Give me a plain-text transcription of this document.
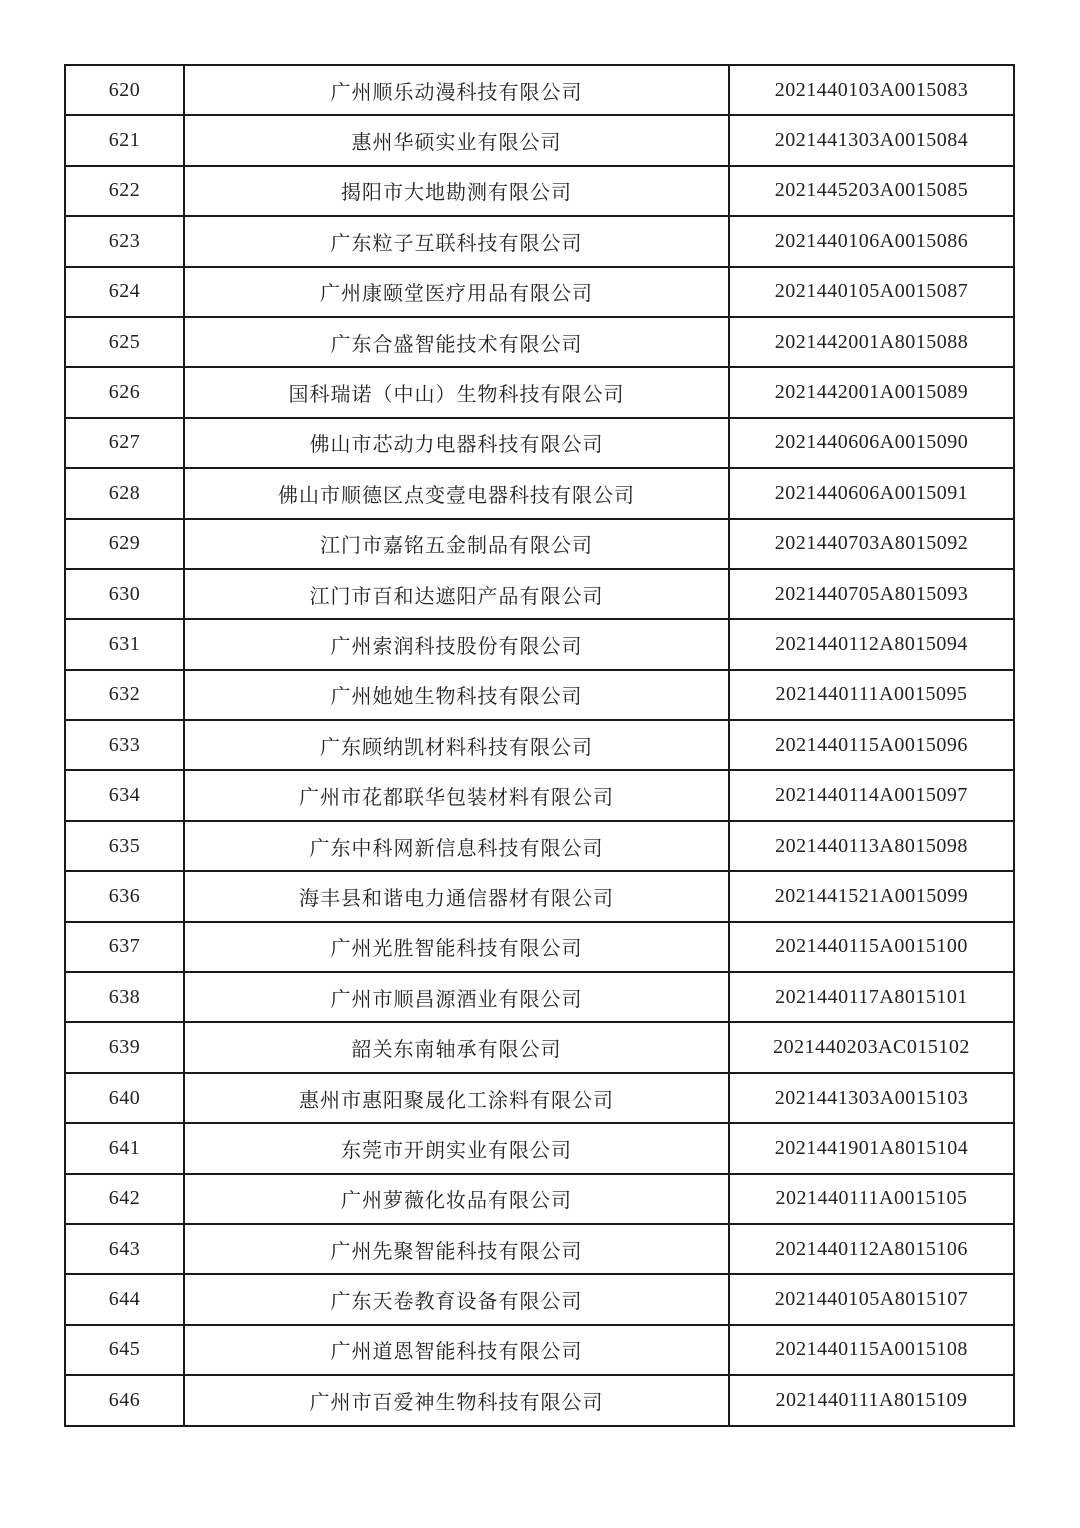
620	广州顺乐动漫科技有限公司	2021440103A0015083
621	惠州华硕实业有限公司	2021441303A0015084
622	揭阳市大地勘测有限公司	2021445203A0015085
623	广东粒子互联科技有限公司	2021440106A0015086
624	广州康颐堂医疗用品有限公司	2021440105A0015087
625	广东合盛智能技术有限公司	2021442001A8015088
626	国科瑞诺（中山）生物科技有限公司	2021442001A0015089
627	佛山市芯动力电器科技有限公司	2021440606A0015090
628	佛山市顺德区点变壹电器科技有限公司	2021440606A0015091
629	江门市嘉铭五金制品有限公司	2021440703A8015092
630	江门市百和达遮阳产品有限公司	2021440705A8015093
631	广州索润科技股份有限公司	2021440112A8015094
632	广州她她生物科技有限公司	2021440111A0015095
633	广东顾纳凯材料科技有限公司	2021440115A0015096
634	广州市花都联华包装材料有限公司	2021440114A0015097
635	广东中科网新信息科技有限公司	2021440113A8015098
636	海丰县和谐电力通信器材有限公司	2021441521A0015099
637	广州光胜智能科技有限公司	2021440115A0015100
638	广州市顺昌源酒业有限公司	2021440117A8015101
639	韶关东南轴承有限公司	2021440203AC015102
640	惠州市惠阳聚晟化工涂料有限公司	2021441303A0015103
641	东莞市开朗实业有限公司	2021441901A8015104
642	广州萝薇化妆品有限公司	2021440111A0015105
643	广州先聚智能科技有限公司	2021440112A8015106
644	广东天卷教育设备有限公司	2021440105A8015107
645	广州道恩智能科技有限公司	2021440115A0015108
646	广州市百爱神生物科技有限公司	2021440111A8015109
